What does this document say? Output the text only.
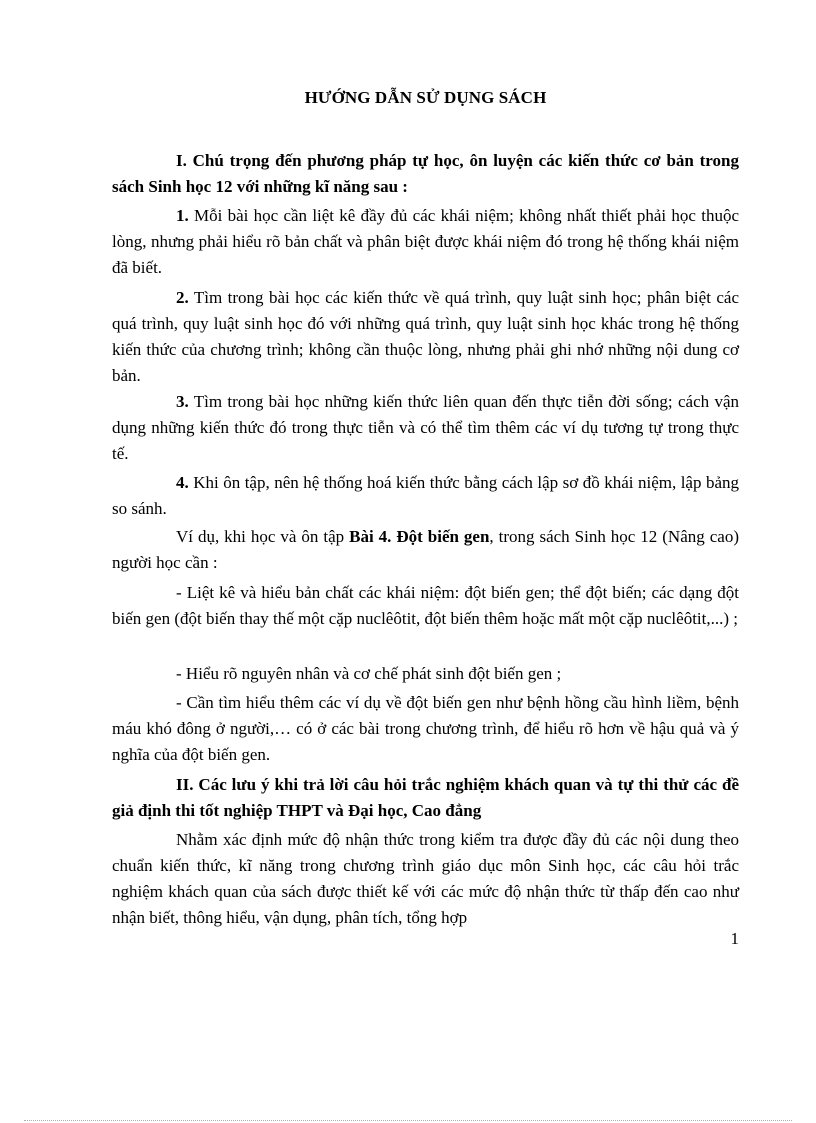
HƯỚNG DẪN SỬ DỤNG SÁCH

I. Chú trọng đến phương pháp tự học, ôn luyện các kiến thức cơ bản trong sách Sinh học 12 với những kĩ năng sau :

1. Mỗi bài học cần liệt kê đầy đủ các khái niệm; không nhất thiết phải học thuộc lòng, nhưng phải hiểu rõ bản chất và phân biệt được khái niệm đó trong hệ thống khái niệm đã biết.

2. Tìm trong bài học các kiến thức về quá trình, quy luật sinh học; phân biệt các quá trình, quy luật sinh học đó với những quá trình, quy luật sinh học khác trong hệ thống kiến thức của chương trình; không cần thuộc lòng, nhưng phải ghi nhớ những nội dung cơ bản.

3. Tìm trong bài học những kiến thức liên quan đến thực tiễn đời sống; cách vận dụng những kiến thức đó trong thực tiễn và có thể tìm thêm các ví dụ tương tự trong thực tế.

4. Khi ôn tập, nên hệ thống hoá kiến thức bằng cách lập sơ đồ khái niệm, lập bảng so sánh.

Ví dụ, khi học và ôn tập Bài 4. Đột biến gen, trong sách Sinh học 12 (Nâng cao) người học cần :

- Liệt kê và hiểu bản chất các khái niệm: đột biến gen; thể đột biến; các dạng đột biến gen (đột biến thay thế một cặp nuclêôtit, đột biến thêm hoặc mất một cặp nuclêôtit,...) ;

- Hiểu rõ nguyên nhân và cơ chế phát sinh đột biến gen ;

- Cần tìm hiểu thêm các ví dụ về đột biến gen như bệnh hồng cầu hình liềm, bệnh máu khó đông ở người,… có ở các bài trong chương trình, để hiểu rõ hơn về hậu quả và ý nghĩa của đột biến gen.

II. Các lưu ý khi trả lời câu hỏi trắc nghiệm khách quan và tự thi thử các đề giả định thi tốt nghiệp THPT và Đại học, Cao đẳng

Nhằm xác định mức độ nhận thức trong kiểm tra được đầy đủ các nội dung theo chuẩn kiến thức, kĩ năng trong chương trình giáo dục môn Sinh học, các câu hỏi trắc nghiệm khách quan của sách được thiết kế với các mức độ nhận thức từ thấp đến cao như nhận biết, thông hiểu, vận dụng, phân tích, tổng hợp

1
